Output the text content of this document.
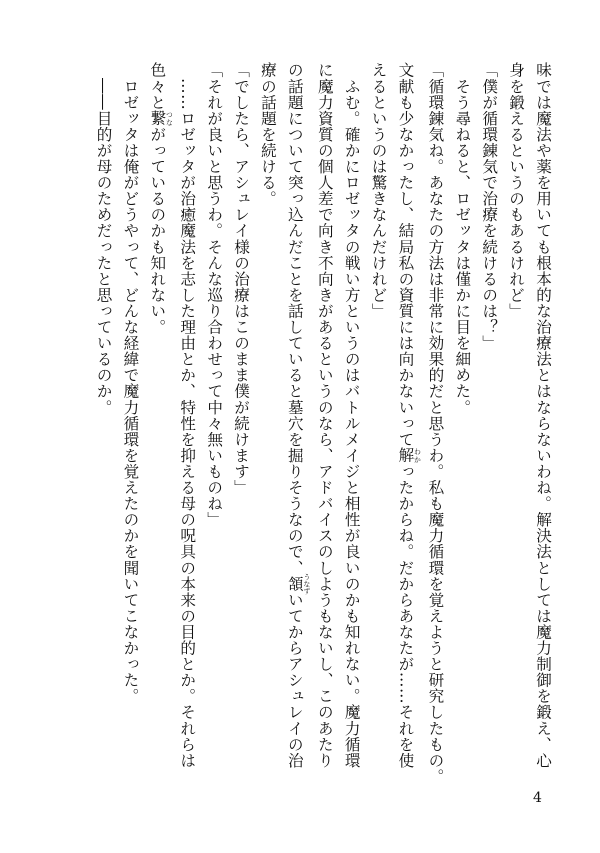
味では魔法や薬を用いても根本的な治療法とはならないわね。解決法としては魔力制御を鍛え、心
身を鍛えるというのもあるけれど」
「僕が循環錬気で治療を続けるのは？」
　そう尋ねると、ロゼッタは僅かに目を細めた。
「循環錬気ね。あなたの方法は非常に効果的だと思うわ。私も魔力循環を覚えようと研究したもの。
文献も少なかったし、結局私の資質には向かないって解 わかったからね。だからあなたが……それを使
えるというのは驚きなんだけれど」
　ふむ。確かにロゼッタの戦い方というのはバトルメイジと相性が良いのかも知れない。魔力循環
に魔力資質の個人差で向き不向きがあるというのなら、アドバイスのしようもないし、このあたり
の話題について突っ込んだことを話していると墓穴を掘りそうなので、頷 うなずいてからアシュレイの治
療の話題を続ける。
「でしたら、アシュレイ様の治療はこのまま僕が続けます」
「それが良いと思うわ。そんな巡り合わせって中々無いものね」
　……ロゼッタが治癒魔法を志した理由とか、特性を抑える母の呪具の本来の目的とか。それらは
色々と繋 つながっているのかも知れない。
　ロゼッタは俺がどうやって、どんな経緯で魔力循環を覚えたのかを聞いてこなかった。
　――目的が母のためだったと思っているのか。
4
